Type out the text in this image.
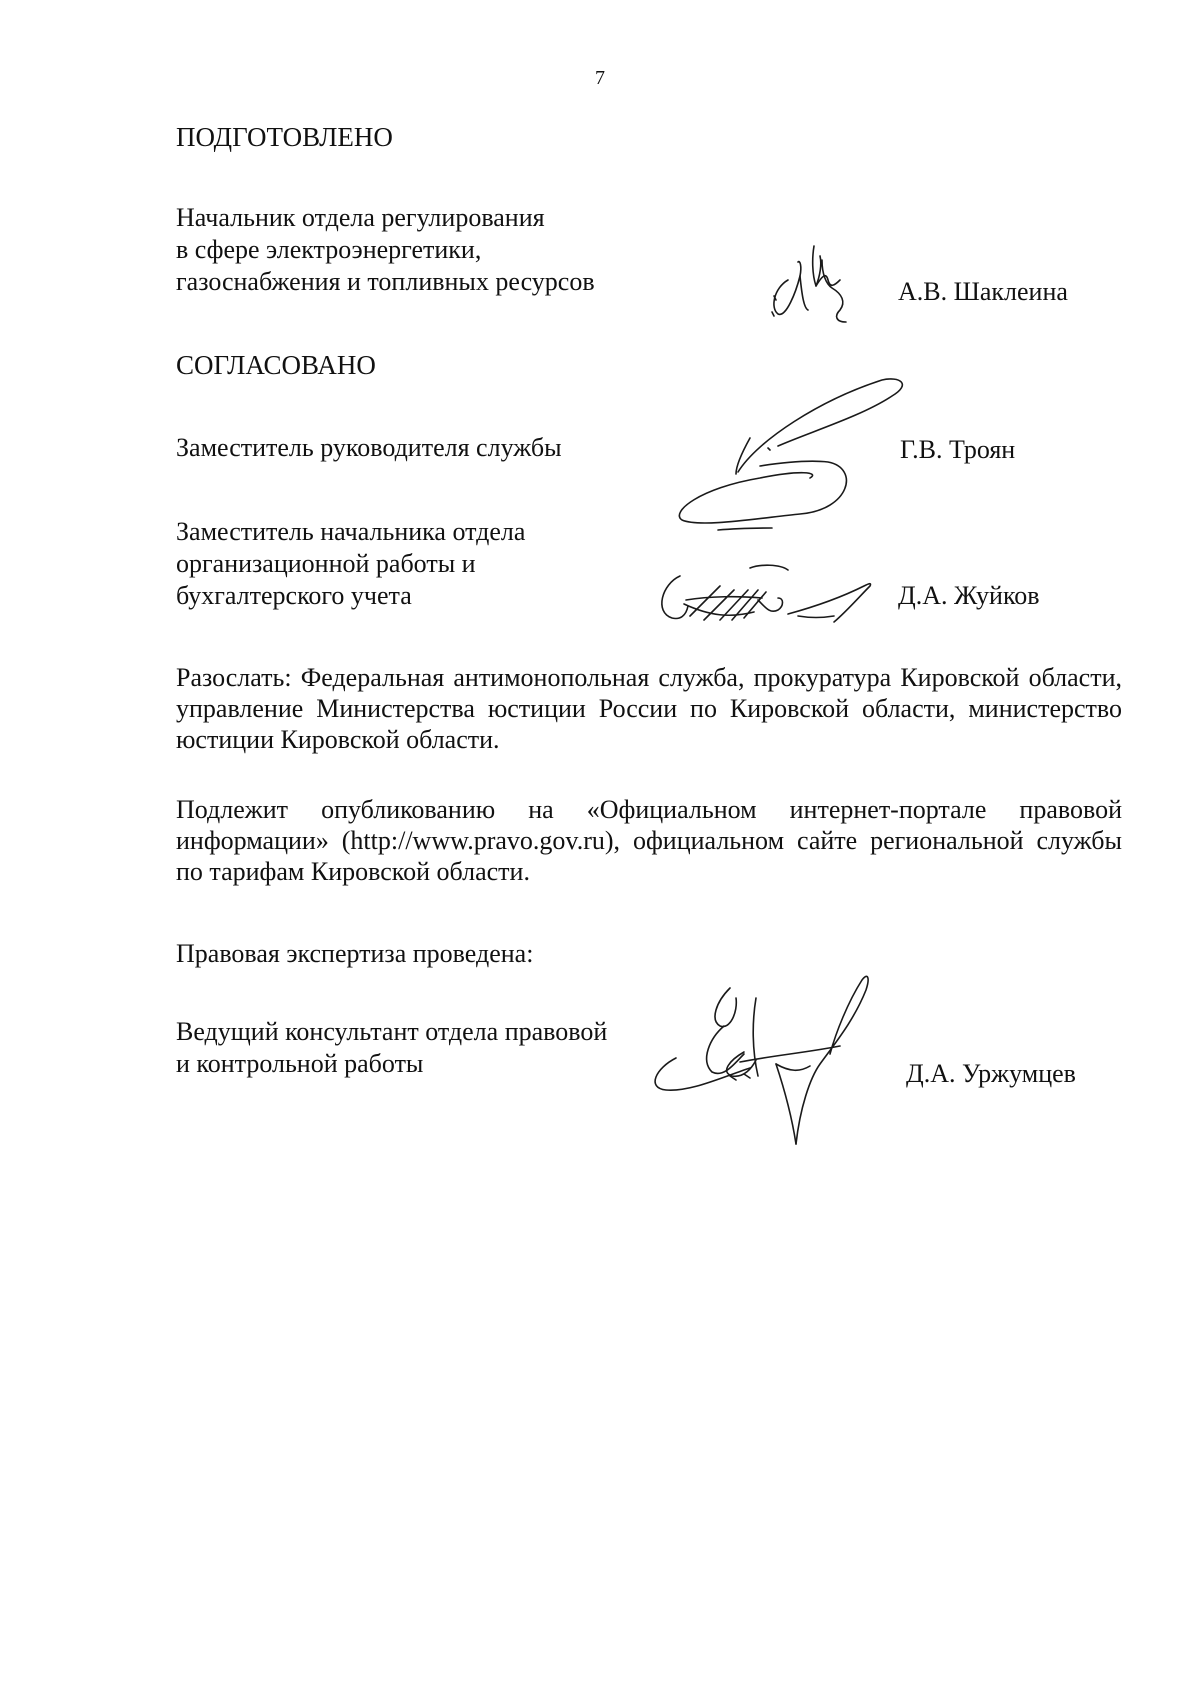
7
ПОДГОТОВЛЕНО
Начальник отдела регулирования
в сфере электроэнергетики,
газоснабжения и топливных ресурсов	А.В. Шаклеина
СОГЛАСОВАНО
Заместитель руководителя службы	Г.В. Троян
Заместитель начальника отдела
организационной работы и
бухгалтерского учета	Д.А. Жуйков
Разослать: Федеральная антимонопольная служба, прокуратура Кировской области, управление Министерства юстиции России по Кировской области, министерство юстиции Кировской области.
Подлежит опубликованию на «Официальном интернет-портале правовой информации» (http://www.pravo.gov.ru), официальном сайте региональной службы по тарифам Кировской области.
Правовая экспертиза проведена:
Ведущий консультант отдела правовой
и контрольной работы	Д.А. Уржумцев
